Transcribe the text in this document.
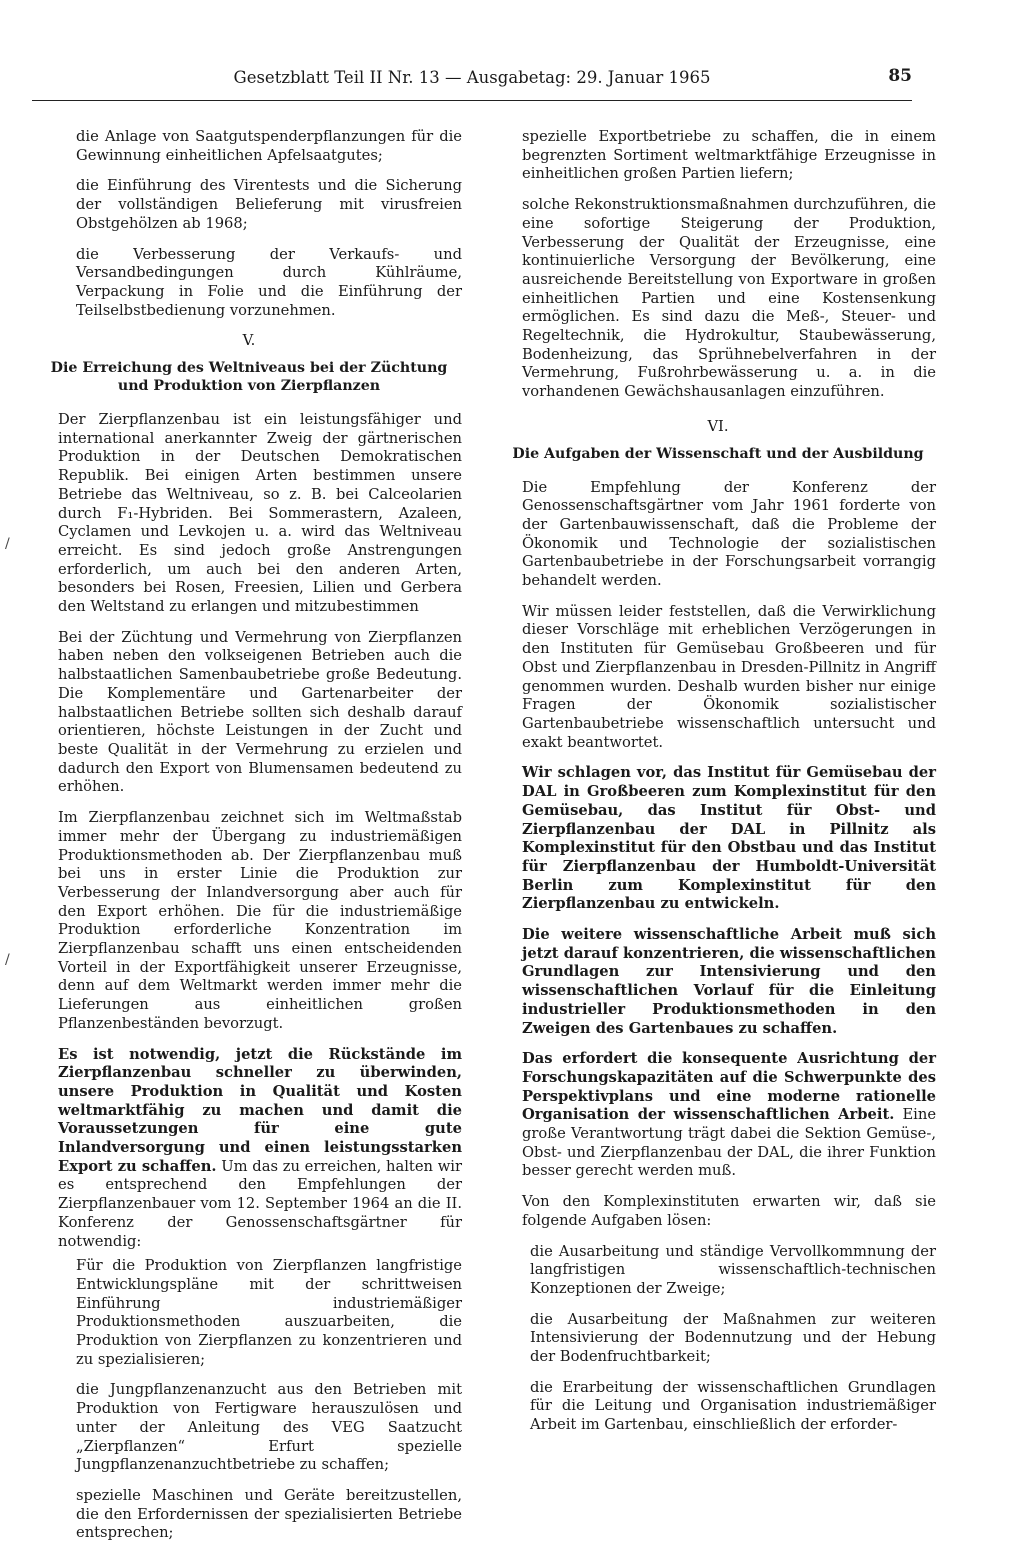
Gesetzblatt Teil II Nr. 13 — Ausgabetag: 29. Januar 1965	85
/
/

die Anlage von Saatgutspenderpflanzungen für die Gewinnung einheitlichen Apfelsaatgutes;

die Einführung des Virentests und die Sicherung der vollständigen Belieferung mit virusfreien Obstgehölzen ab 1968;

die Verbesserung der Verkaufs- und Versandbedingungen durch Kühlräume, Verpackung in Folie und die Einführung der Teilselbstbedienung vorzunehmen.

V.
Die Erreichung des Weltniveaus bei der Züchtung und Produktion von Zierpflanzen

Der Zierpflanzenbau ist ein leistungsfähiger und international anerkannter Zweig der gärtnerischen Produktion in der Deutschen Demokratischen Republik. Bei einigen Arten bestimmen unsere Betriebe das Weltniveau, so z. B. bei Calceolarien durch F₁-Hybriden. Bei Sommerastern, Azaleen, Cyclamen und Levkojen u. a. wird das Weltniveau erreicht. Es sind jedoch große Anstrengungen erforderlich, um auch bei den anderen Arten, besonders bei Rosen, Freesien, Lilien und Gerbera den Weltstand zu erlangen und mitzubestimmen

Bei der Züchtung und Vermehrung von Zierpflanzen haben neben den volkseigenen Betrieben auch die halbstaatlichen Samenbaubetriebe große Bedeutung. Die Komplementäre und Gartenarbeiter der halbstaatlichen Betriebe sollten sich deshalb darauf orientieren, höchste Leistungen in der Zucht und beste Qualität in der Vermehrung zu erzielen und dadurch den Export von Blumensamen bedeutend zu erhöhen.

Im Zierpflanzenbau zeichnet sich im Weltmaßstab immer mehr der Übergang zu industriemäßigen Produktionsmethoden ab. Der Zierpflanzenbau muß bei uns in erster Linie die Produktion zur Verbesserung der Inlandversorgung aber auch für den Export erhöhen. Die für die industriemäßige Produktion erforderliche Konzentration im Zierpflanzenbau schafft uns einen entscheidenden Vorteil in der Exportfähigkeit unserer Erzeugnisse, denn auf dem Weltmarkt werden immer mehr die Lieferungen aus einheitlichen großen Pflanzenbeständen bevorzugt.

Es ist notwendig, jetzt die Rückstände im Zierpflanzenbau schneller zu überwinden, unsere Produktion in Qualität und Kosten weltmarktfähig zu machen und damit die Voraussetzungen für eine gute Inlandversorgung und einen leistungsstarken Export zu schaffen. Um das zu erreichen, halten wir es entsprechend den Empfehlungen der Zierpflanzenbauer vom 12. September 1964 an die II. Konferenz der Genossenschaftsgärtner für notwendig:

Für die Produktion von Zierpflanzen langfristige Entwicklungspläne mit der schrittweisen Einführung industriemäßiger Produktionsmethoden auszuarbeiten, die Produktion von Zierpflanzen zu konzentrieren und zu spezialisieren;

die Jungpflanzenanzucht aus den Betrieben mit Produktion von Fertigware herauszulösen und unter der Anleitung des VEG Saatzucht „Zierpflanzen“ Erfurt spezielle Jungpflanzenanzuchtbetriebe zu schaffen;

spezielle Maschinen und Geräte bereitzustellen, die den Erfordernissen der spezialisierten Betriebe entsprechen;

spezielle Exportbetriebe zu schaffen, die in einem begrenzten Sortiment weltmarktfähige Erzeugnisse in einheitlichen großen Partien liefern;

solche Rekonstruktionsmaßnahmen durchzuführen, die eine sofortige Steigerung der Produktion, Verbesserung der Qualität der Erzeugnisse, eine kontinuierliche Versorgung der Bevölkerung, eine ausreichende Bereitstellung von Exportware in großen einheitlichen Partien und eine Kostensenkung ermöglichen. Es sind dazu die Meß-, Steuer- und Regeltechnik, die Hydrokultur, Staubewässerung, Bodenheizung, das Sprühnebelverfahren in der Vermehrung, Fußrohrbewässerung u. a. in die vorhandenen Gewächshausanlagen einzuführen.

VI.
Die Aufgaben der Wissenschaft und der Ausbildung

Die Empfehlung der Konferenz der Genossenschaftsgärtner vom Jahr 1961 forderte von der Gartenbauwissenschaft, daß die Probleme der Ökonomik und Technologie der sozialistischen Gartenbaubetriebe in der Forschungsarbeit vorrangig behandelt werden.

Wir müssen leider feststellen, daß die Verwirklichung dieser Vorschläge mit erheblichen Verzögerungen in den Instituten für Gemüsebau Großbeeren und für Obst und Zierpflanzenbau in Dresden-Pillnitz in Angriff genommen wurden. Deshalb wurden bisher nur einige Fragen der Ökonomik sozialistischer Gartenbaubetriebe wissenschaftlich untersucht und exakt beantwortet.

Wir schlagen vor, das Institut für Gemüsebau der DAL in Großbeeren zum Komplexinstitut für den Gemüsebau, das Institut für Obst- und Zierpflanzenbau der DAL in Pillnitz als Komplexinstitut für den Obstbau und das Institut für Zierpflanzenbau der Humboldt-Universität Berlin zum Komplexinstitut für den Zierpflanzenbau zu entwickeln.

Die weitere wissenschaftliche Arbeit muß sich jetzt darauf konzentrieren, die wissenschaftlichen Grundlagen zur Intensivierung und den wissenschaftlichen Vorlauf für die Einleitung industrieller Produktionsmethoden in den Zweigen des Gartenbaues zu schaffen.

Das erfordert die konsequente Ausrichtung der Forschungskapazitäten auf die Schwerpunkte des Perspektivplans und eine moderne rationelle Organisation der wissenschaftlichen Arbeit. Eine große Verantwortung trägt dabei die Sektion Gemüse-, Obst- und Zierpflanzenbau der DAL, die ihrer Funktion besser gerecht werden muß.

Von den Komplexinstituten erwarten wir, daß sie folgende Aufgaben lösen:

die Ausarbeitung und ständige Vervollkommnung der langfristigen wissenschaftlich-technischen Konzeptionen der Zweige;

die Ausarbeitung der Maßnahmen zur weiteren Intensivierung der Bodennutzung und der Hebung der Bodenfruchtbarkeit;

die Erarbeitung der wissenschaftlichen Grundlagen für die Leitung und Organisation industriemäßiger Arbeit im Gartenbau, einschließlich der erforder-
